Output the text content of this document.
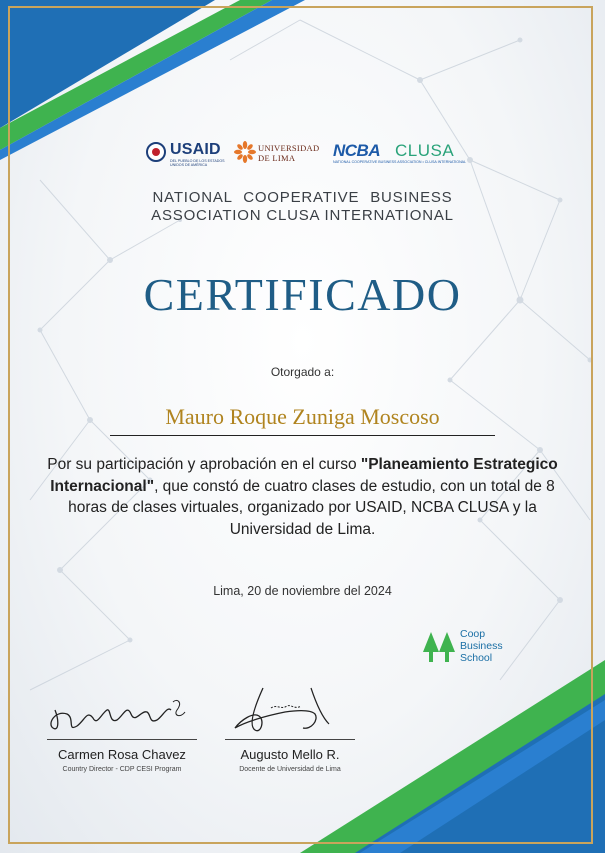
USAID
DEL PUEBLO DE LOS ESTADOS UNIDOS DE AMÉRICA
UNIVERSIDAD
DE LIMA	NCBA CLUSA
NATIONAL COOPERATIVE BUSINESS ASSOCIATION • CLUSA INTERNATIONAL
NATIONAL COOPERATIVE BUSINESS
ASSOCIATION CLUSA INTERNATIONAL
CERTIFICADO
Otorgado a:
Mauro Roque Zuniga Moscoso
Por su participación y aprobación en el curso "Planeamiento Estrategico Internacional", que constó de cuatro clases de estudio, con un total de 8 horas de clases virtuales, organizado por USAID, NCBA CLUSA y la Universidad de Lima.
Lima, 20 de noviembre del 2024
Coop
Business
School
Carmen Rosa Chavez
Country Director - CDP CESI Program
Augusto Mello R.
Docente de Universidad de Lima
